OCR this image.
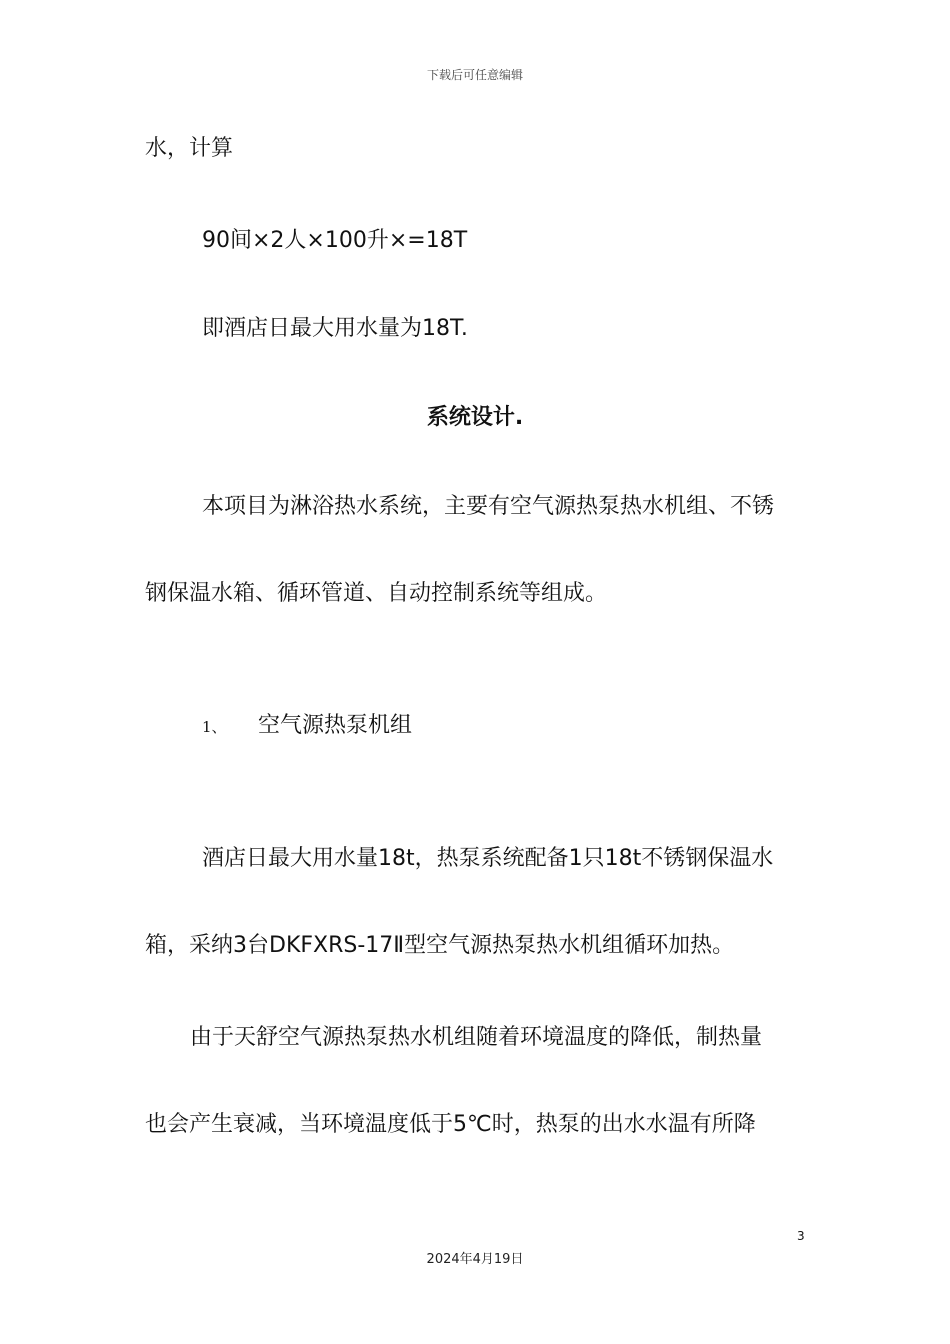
下载后可任意编辑
水，计算
90间×2人×100升×=18T
即酒店日最大用水量为18T.
系统设计.
本项目为淋浴热水系统，主要有空气源热泵热水机组、不锈
钢保温水箱、循环管道、自动控制系统等组成。
1、 空气源热泵机组
酒店日最大用水量18t，热泵系统配备1只18t不锈钢保温水
箱，采纳3台DKFXRS-17Ⅱ型空气源热泵热水机组循环加热。
由于天舒空气源热泵热水机组随着环境温度的降低，制热量
也会产生衰减，当环境温度低于5℃时，热泵的出水水温有所降
3
2024年4月19日
